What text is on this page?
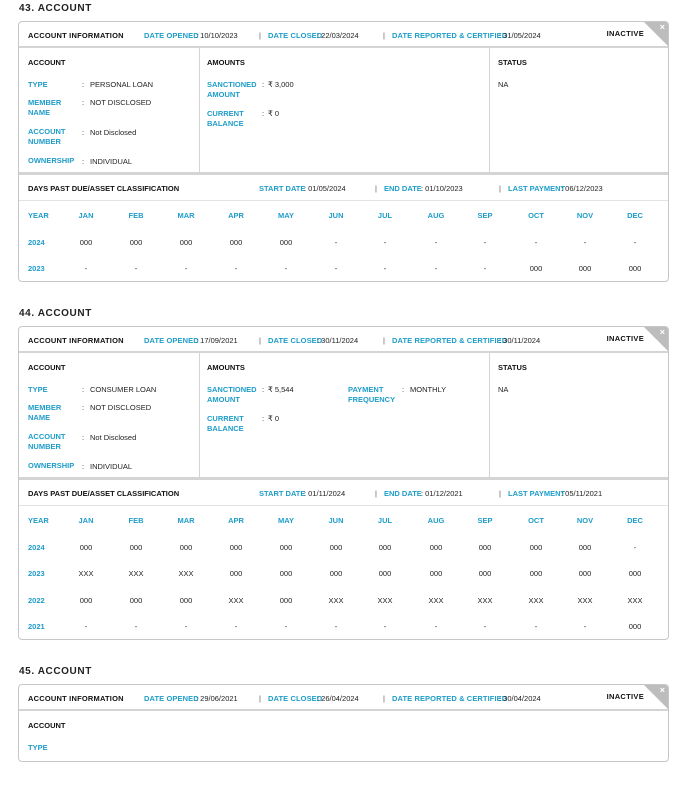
43. ACCOUNT
ACCOUNT INFORMATION	DATE OPENED
: 10/10/2023	| DATE CLOSED
: 22/03/2024	| DATE REPORTED & CERTIFIED
: 31/05/2024	INACTIVE
×
ACCOUNT
TYPE	: PERSONAL LOAN
MEMBER NAME
: NOT DISCLOSED
ACCOUNT NUMBER
: Not Disclosed
OWNERSHIP : INDIVIDUAL
AMOUNTS
SANCTIONED AMOUNT
: ₹ 3,000
CURRENT BALANCE
: ₹ 0
STATUS
NA
DAYS PAST DUE/ASSET CLASSIFICATION	START DATE
: 01/05/2024	| END DATE : 01/10/2023	| LAST PAYMENT
: 06/12/2023
YEAR	JAN	FEB	MAR	APR	MAY	JUN	JUL	AUG	SEP	OCT	NOV	DEC
2024	000	000	000	000	000	-	-	-	-	-	-	-
2023	-	-	-	-	-	-	-	-	-	000	000	000
44. ACCOUNT
ACCOUNT INFORMATION	DATE OPENED
: 17/09/2021	| DATE CLOSED
: 30/11/2024	| DATE REPORTED & CERTIFIED
: 30/11/2024	INACTIVE
×
ACCOUNT
TYPE	: CONSUMER LOAN
MEMBER NAME
: NOT DISCLOSED
ACCOUNT NUMBER
: Not Disclosed
OWNERSHIP : INDIVIDUAL
AMOUNTS
SANCTIONED AMOUNT
: ₹ 5,544
CURRENT BALANCE
: ₹ 0
PAYMENT FREQUENCY
: MONTHLY
STATUS
NA
DAYS PAST DUE/ASSET CLASSIFICATION	START DATE
: 01/11/2024	| END DATE : 01/12/2021	| LAST PAYMENT
: 05/11/2021
YEAR	JAN	FEB	MAR	APR	MAY	JUN	JUL	AUG	SEP	OCT	NOV	DEC
2024	000	000	000	000	000	000	000	000	000	000	000	-
2023	XXX	XXX	XXX	000	000	000	000	000	000	000	000	000
2022	000	000	000	XXX	000	XXX	XXX	XXX	XXX	XXX	XXX	XXX
2021	-	-	-	-	-	-	-	-	-	-	-	000
45. ACCOUNT
ACCOUNT INFORMATION	DATE OPENED
: 29/06/2021	| DATE CLOSED
: 26/04/2024	| DATE REPORTED & CERTIFIED
: 30/04/2024	INACTIVE
×
ACCOUNT
TYPE
